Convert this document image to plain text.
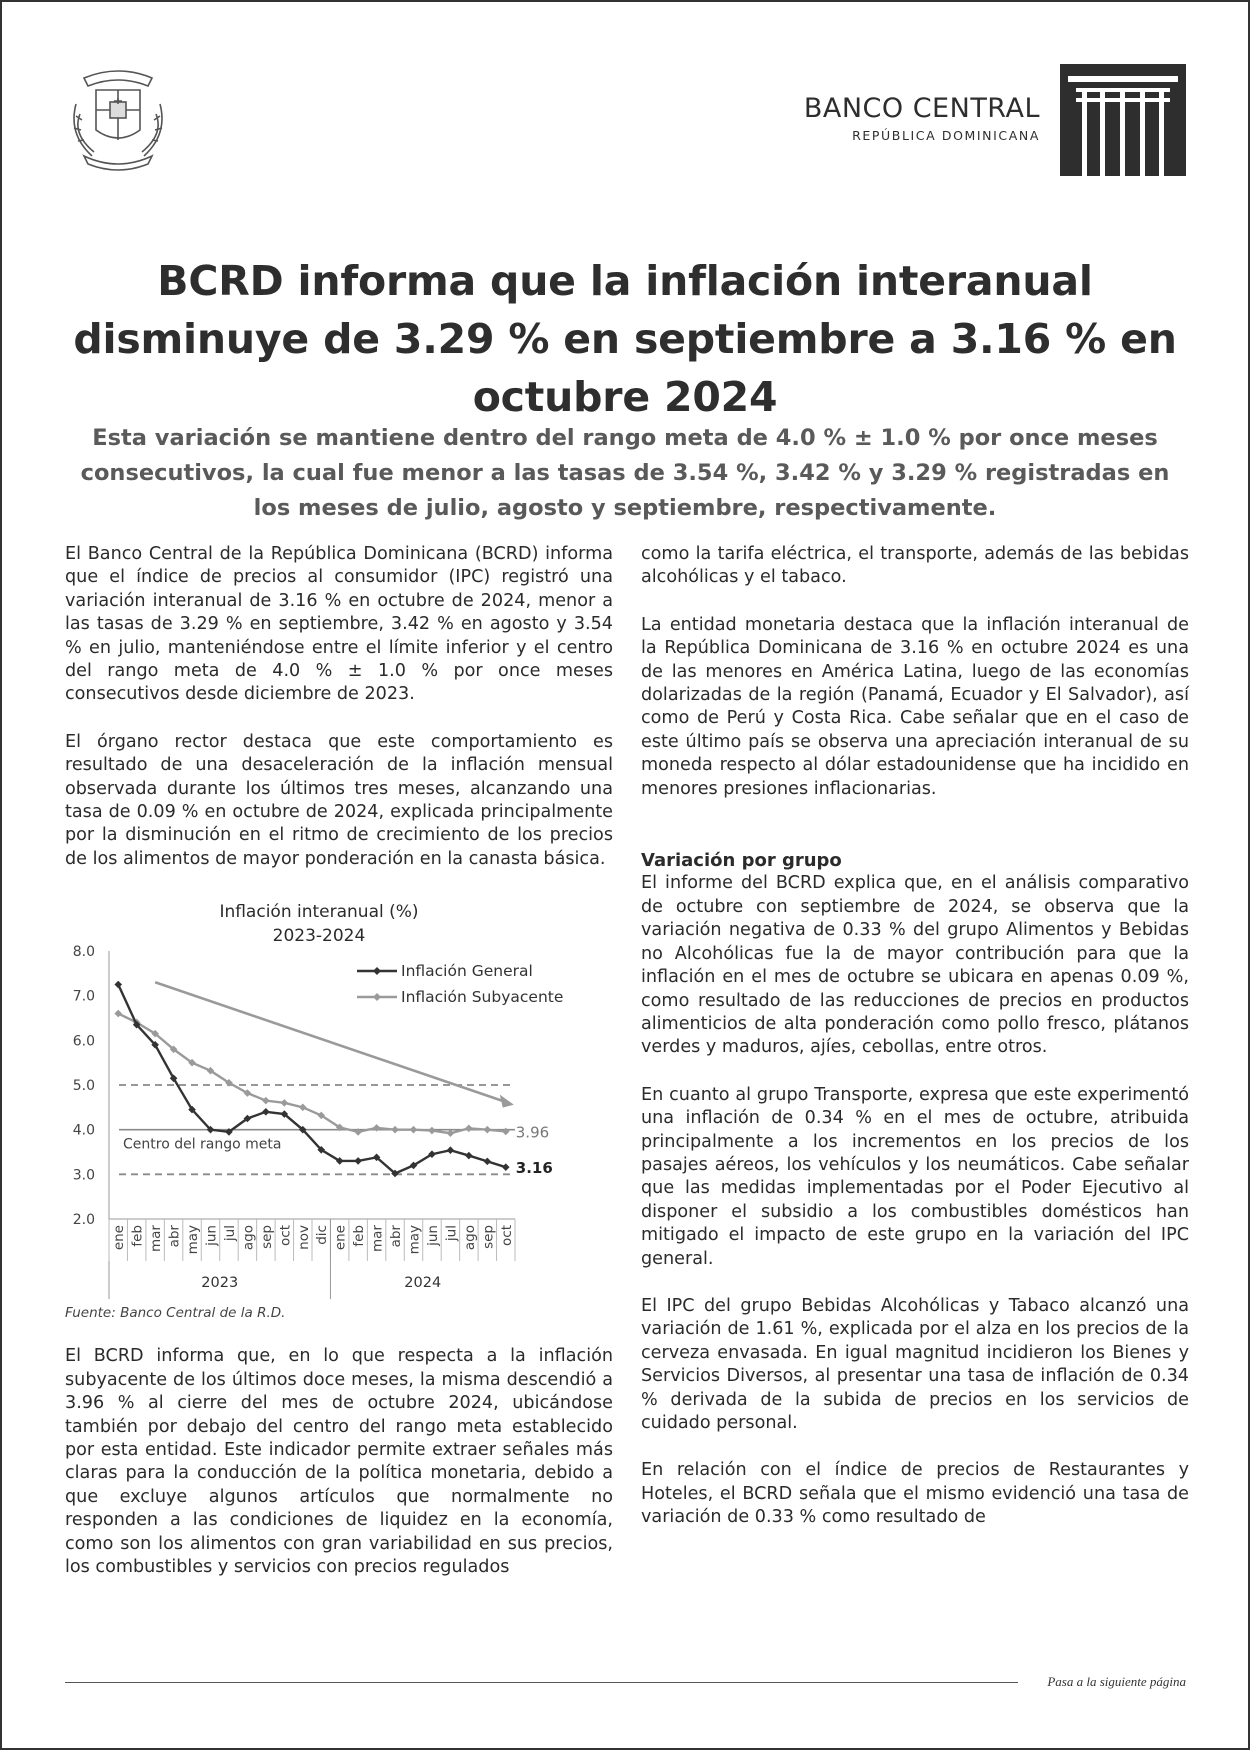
BANCO CENTRAL
REPÚBLICA DOMINICANA
BCRD informa que la inflación interanual disminuye de 3.29 % en septiembre a 3.16 % en octubre 2024

Esta variación se mantiene dentro del rango meta de 4.0 % ± 1.0 % por once meses consecutivos, la cual fue menor a las tasas de 3.54 %, 3.42 % y 3.29 % registradas en los meses de julio, agosto y septiembre, respectivamente.

El Banco Central de la República Dominicana (BCRD) informa que el índice de precios al consumidor (IPC) registró una variación interanual de 3.16 % en octubre de 2024, menor a las tasas de 3.29 % en septiembre, 3.42 % en agosto y 3.54 % en julio, manteniéndose entre el límite inferior y el centro del rango meta de 4.0 % ± 1.0 % por once meses consecutivos desde diciembre de 2023.

El órgano rector destaca que este comportamiento es resultado de una desaceleración de la inflación mensual observada durante los últimos tres meses, alcanzando una tasa de 0.09 % en octubre de 2024, explicada principalmente por la disminución en el ritmo de crecimiento de los precios de los alimentos de mayor ponderación en la canasta básica.

Inflación interanual (%)
2023-2024
2.0
3.0
4.0
5.0
6.0
7.0
8.0
Centro del rango meta
3.96
3.16
Inflación General
Inflación Subyacente
ene feb mar abr may jun jul ago sep oct nov dic ene feb mar abr may jun jul ago sep oct
2023	2024
Fuente: Banco Central de la R.D.

El BCRD informa que, en lo que respecta a la inflación subyacente de los últimos doce meses, la misma descendió a 3.96 % al cierre del mes de octubre 2024, ubicándose también por debajo del centro del rango meta establecido por esta entidad. Este indicador permite extraer señales más claras para la conducción de la política monetaria, debido a que excluye algunos artículos que normalmente no responden a las condiciones de liquidez en la economía, como son los alimentos con gran variabilidad en sus precios, los combustibles y servicios con precios regulados

como la tarifa eléctrica, el transporte, además de las bebidas alcohólicas y el tabaco.

La entidad monetaria destaca que la inflación interanual de la República Dominicana de 3.16 % en octubre 2024 es una de las menores en América Latina, luego de las economías dolarizadas de la región (Panamá, Ecuador y El Salvador), así como de Perú y Costa Rica. Cabe señalar que en el caso de este último país se observa una apreciación interanual de su moneda respecto al dólar estadounidense que ha incidido en menores presiones inflacionarias.

Variación por grupo

El informe del BCRD explica que, en el análisis comparativo de octubre con septiembre de 2024, se observa que la variación negativa de 0.33 % del grupo Alimentos y Bebidas no Alcohólicas fue la de mayor contribución para que la inflación en el mes de octubre se ubicara en apenas 0.09 %, como resultado de las reducciones de precios en productos alimenticios de alta ponderación como pollo fresco, plátanos verdes y maduros, ajíes, cebollas, entre otros.

En cuanto al grupo Transporte, expresa que este experimentó una inflación de 0.34 % en el mes de octubre, atribuida principalmente a los incrementos en los precios de los pasajes aéreos, los vehículos y los neumáticos. Cabe señalar que las medidas implementadas por el Poder Ejecutivo al disponer el subsidio a los combustibles domésticos han mitigado el impacto de este grupo en la variación del IPC general.

El IPC del grupo Bebidas Alcohólicas y Tabaco alcanzó una variación de 1.61 %, explicada por el alza en los precios de la cerveza envasada. En igual magnitud incidieron los Bienes y Servicios Diversos, al presentar una tasa de inflación de 0.34 % derivada de la subida de precios en los servicios de cuidado personal.

En relación con el índice de precios de Restaurantes y Hoteles, el BCRD señala que el mismo evidenció una tasa de variación de 0.33 % como resultado de

Pasa a la siguiente página
